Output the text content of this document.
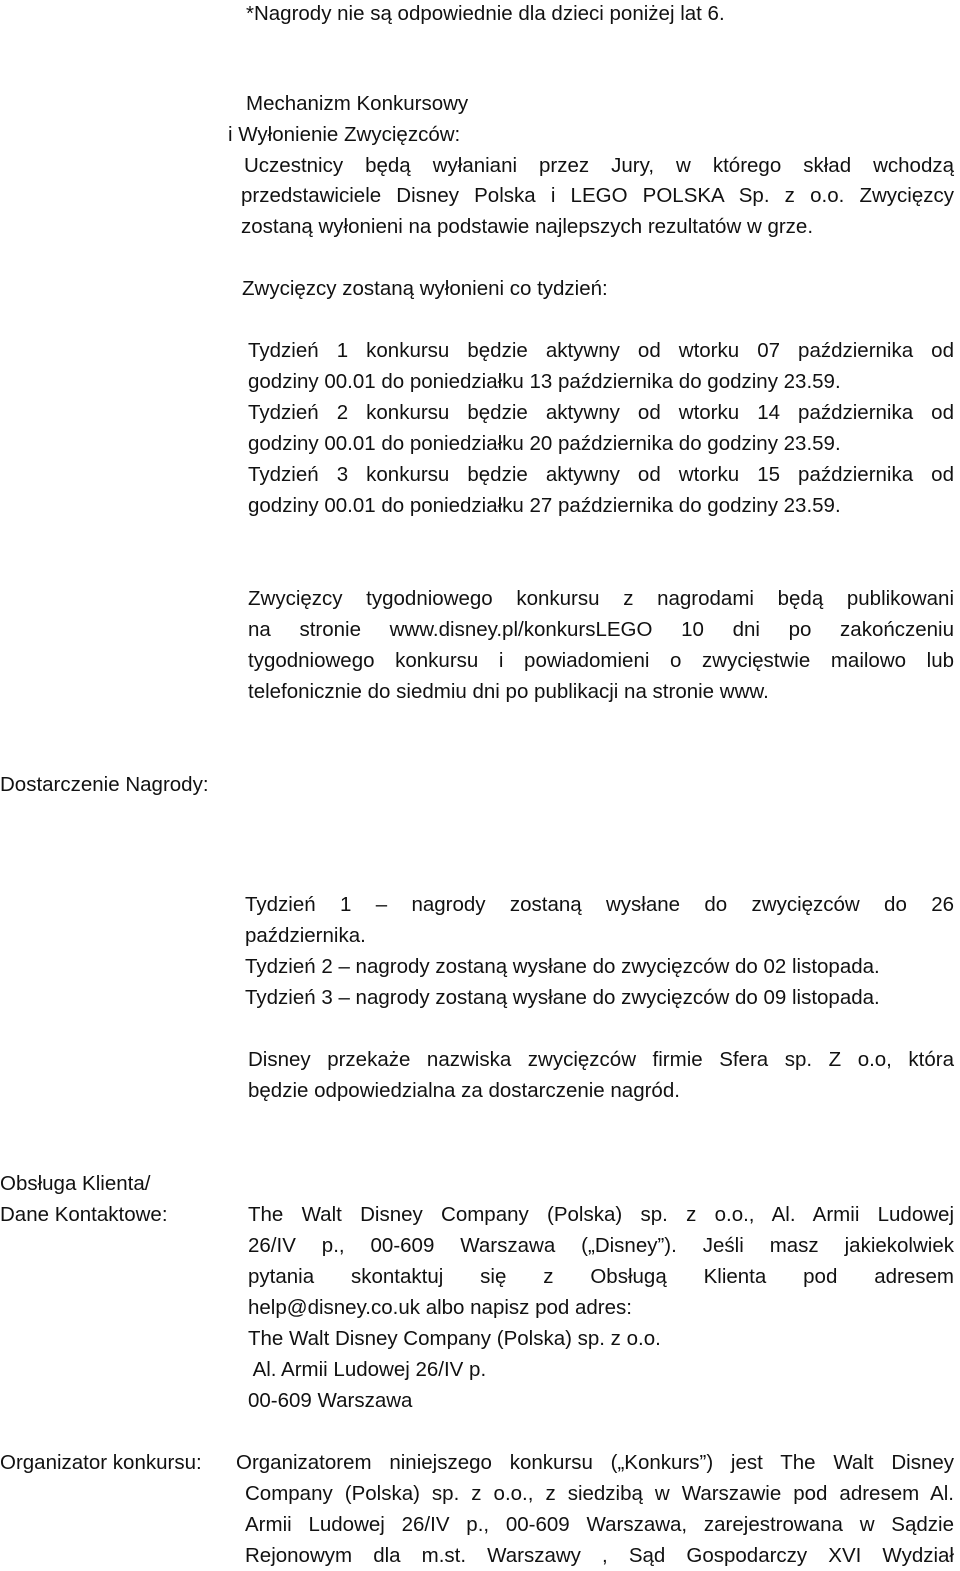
*Nagrody nie są odpowiednie dla dzieci poniżej lat 6.
Mechanizm Konkursowy
i Wyłonienie Zwycięzców:
Uczestnicy będą wyłaniani przez Jury, w którego skład wchodzą
przedstawiciele Disney Polska i LEGO POLSKA Sp. z o.o. Zwycięzcy
zostaną wyłonieni na podstawie najlepszych rezultatów w grze.
Zwycięzcy zostaną wyłonieni co tydzień:
Tydzień 1 konkursu będzie aktywny od wtorku 07 października od
godziny 00.01 do poniedziałku 13 października do godziny 23.59.
Tydzień 2 konkursu będzie aktywny od wtorku 14 października od
godziny 00.01 do poniedziałku 20 października do godziny 23.59.
Tydzień 3 konkursu będzie aktywny od wtorku 15 października od
godziny 00.01 do poniedziałku 27 października do godziny 23.59.
Zwycięzcy tygodniowego konkursu z nagrodami będą publikowani
na stronie www.disney.pl/konkursLEGO 10 dni po zakończeniu
tygodniowego konkursu i powiadomieni o zwycięstwie mailowo lub
telefonicznie do siedmiu dni po publikacji na stronie www.
Dostarczenie Nagrody:
Tydzień 1 – nagrody zostaną wysłane do zwycięzców do 26
października.
Tydzień 2 – nagrody zostaną wysłane do zwycięzców do 02 listopada.
Tydzień 3 – nagrody zostaną wysłane do zwycięzców do 09 listopada.
Disney przekaże nazwiska zwycięzców firmie Sfera sp. Z o.o, która
będzie odpowiedzialna za dostarczenie nagród.
Obsługa Klienta/
Dane Kontaktowe:	The Walt Disney Company (Polska) sp. z o.o., Al. Armii Ludowej
26/IV p., 00-609 Warszawa („Disney”). Jeśli masz jakiekolwiek
pytania skontaktuj się z Obsługą Klienta pod adresem
help@disney.co.uk albo napisz pod adres:
The Walt Disney Company (Polska) sp. z o.o.
Al. Armii Ludowej 26/IV p.
00-609 Warszawa
Organizator konkursu: Organizatorem niniejszego konkursu („Konkurs”) jest The Walt Disney
Company (Polska) sp. z o.o., z siedzibą w Warszawie pod adresem Al.
Armii Ludowej 26/IV p., 00-609 Warszawa, zarejestrowana w Sądzie
Rejonowym dla m.st. Warszawy , Sąd Gospodarczy XVI Wydział
